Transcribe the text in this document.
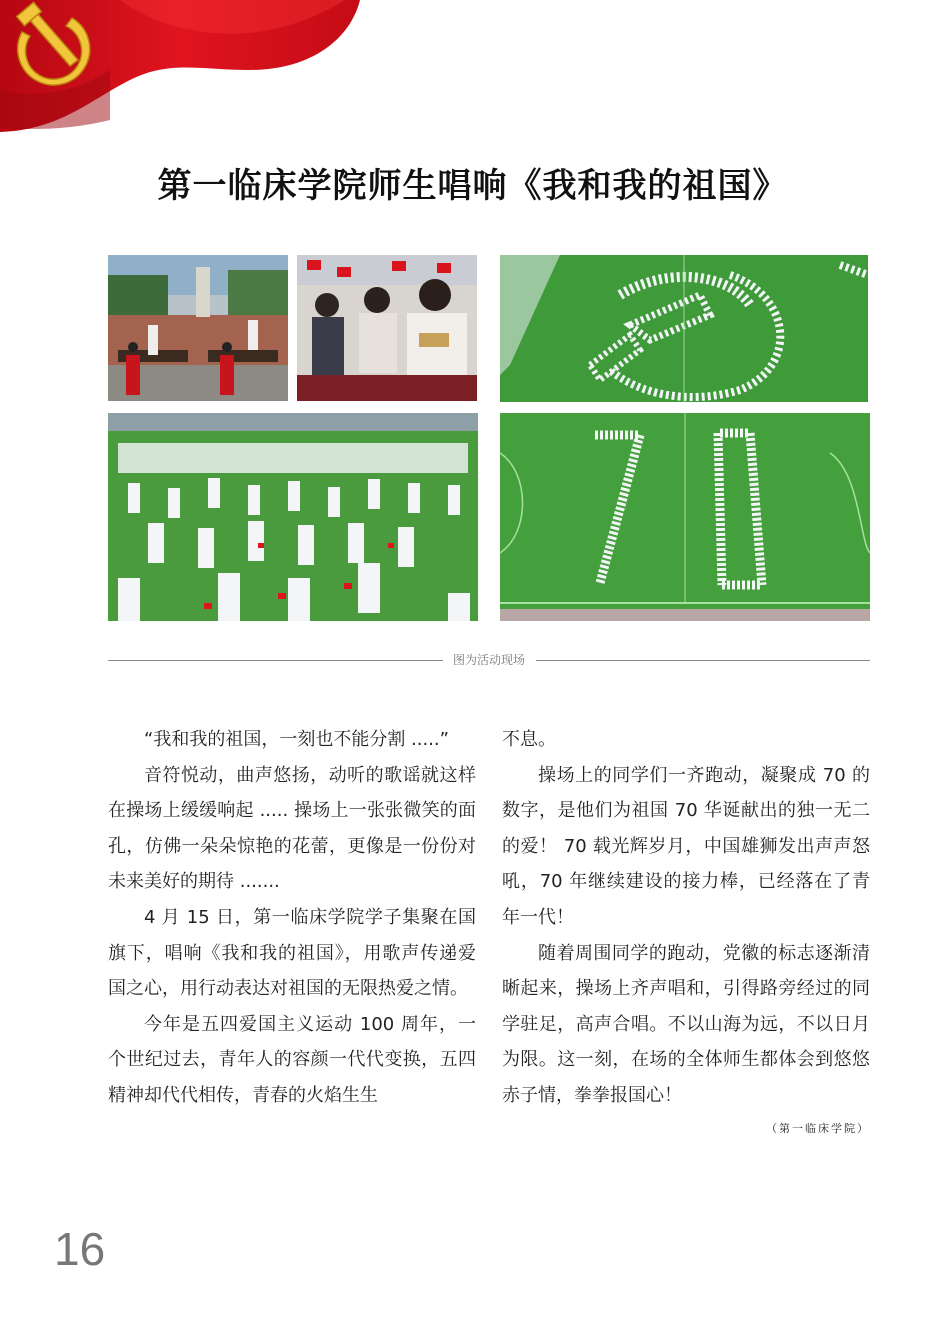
第一临床学院师生唱响《我和我的祖国》
图为活动现场

“我和我的祖国，一刻也不能分割 .....”

音符悦动，曲声悠扬，动听的歌谣就这样在操场上缓缓响起 ..... 操场上一张张微笑的面孔，仿佛一朵朵惊艳的花蕾，更像是一份份对未来美好的期待 .......

4 月 15 日，第一临床学院学子集聚在国旗下，唱响《我和我的祖国》，用歌声传递爱国之心，用行动表达对祖国的无限热爱之情。

今年是五四爱国主义运动 100 周年，一个世纪过去，青年人的容颜一代代变换，五四精神却代代相传，青春的火焰生生

不息。

操场上的同学们一齐跑动，凝聚成 70 的数字，是他们为祖国 70 华诞献出的独一无二的爱！ 70 载光辉岁月，中国雄狮发出声声怒吼，70 年继续建设的接力棒，已经落在了青年一代！

随着周围同学的跑动，党徽的标志逐渐清晰起来，操场上齐声唱和，引得路旁经过的同学驻足，高声合唱。不以山海为远，不以日月为限。这一刻，在场的全体师生都体会到悠悠赤子情，拳拳报国心！

（第一临床学院）

16
